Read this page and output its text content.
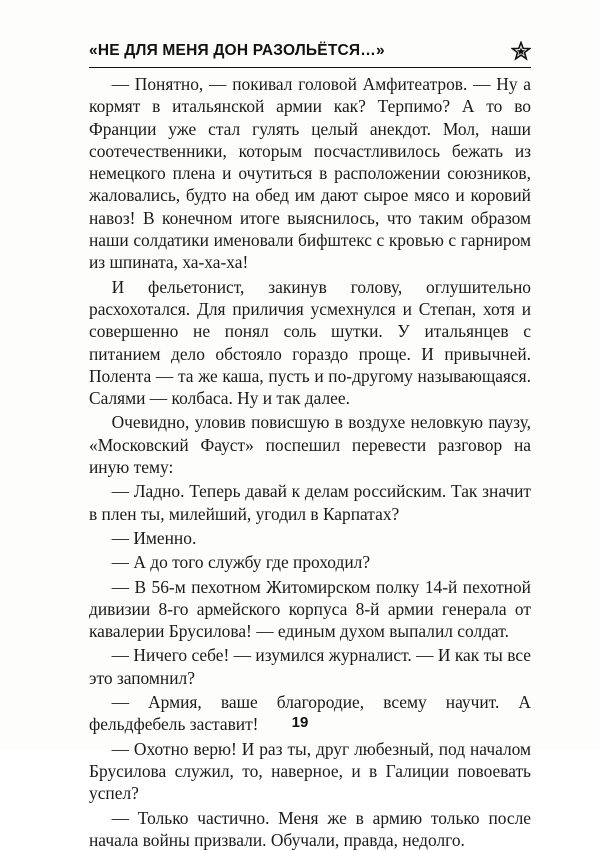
«НЕ ДЛЯ МЕНЯ ДОН РАЗОЛЬЁТСЯ…»

— Понятно, — покивал головой Амфитеатров. — Ну а кормят в итальянской армии как? Терпимо? А то во Франции уже стал гулять целый анекдот. Мол, наши соотечественники, которым посчастливилось бежать из немецкого плена и очутиться в расположении союзников, жаловались, будто на обед им дают сырое мясо и коровий навоз! В конечном итоге выяснилось, что таким образом наши солдатики именовали бифштекс с кровью с гарниром из шпината, ха-ха-ха!

И фельетонист, закинув голову, оглушительно расхохотался. Для приличия усмехнулся и Степан, хотя и совершенно не понял соль шутки. У итальянцев с питанием дело обстояло гораздо проще. И привычней. Полента — та же каша, пусть и по-другому называющаяся. Салями — колбаса. Ну и так далее.

Очевидно, уловив повисшую в воздухе неловкую паузу, «Московский Фауст» поспешил перевести разговор на иную тему:

— Ладно. Теперь давай к делам российским. Так значит в плен ты, милейший, угодил в Карпатах?

— Именно.

— А до того службу где проходил?

— В 56-м пехотном Житомирском полку 14-й пехотной дивизии 8-го армейского корпуса 8-й армии генерала от кавалерии Брусилова! — единым духом выпалил солдат.

— Ничего себе! — изумился журналист. — И как ты все это запомнил?

— Армия, ваше благородие, всему научит. А фельдфебель заставит!

— Охотно верю! И раз ты, друг любезный, под началом Брусилова служил, то, наверное, и в Галиции повоевать успел?

— Только частично. Меня же в армию только после начала войны призвали. Обучали, правда, недолго.

19
